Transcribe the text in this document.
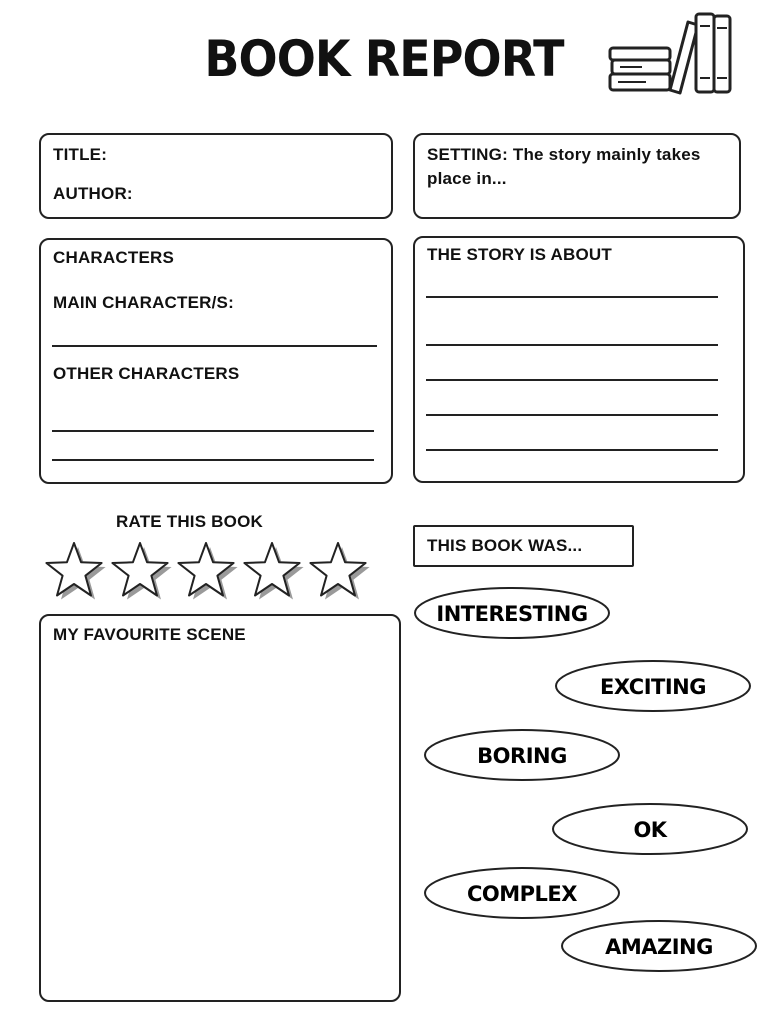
BOOK REPORT
TITLE:
AUTHOR:
SETTING: The story mainly takes place in...
CHARACTERS
MAIN CHARACTER/S:
OTHER CHARACTERS
THE STORY IS ABOUT
RATE THIS BOOK
THIS BOOK WAS...
INTERESTING
EXCITING
BORING
OK
COMPLEX
AMAZING
MY FAVOURITE SCENE
